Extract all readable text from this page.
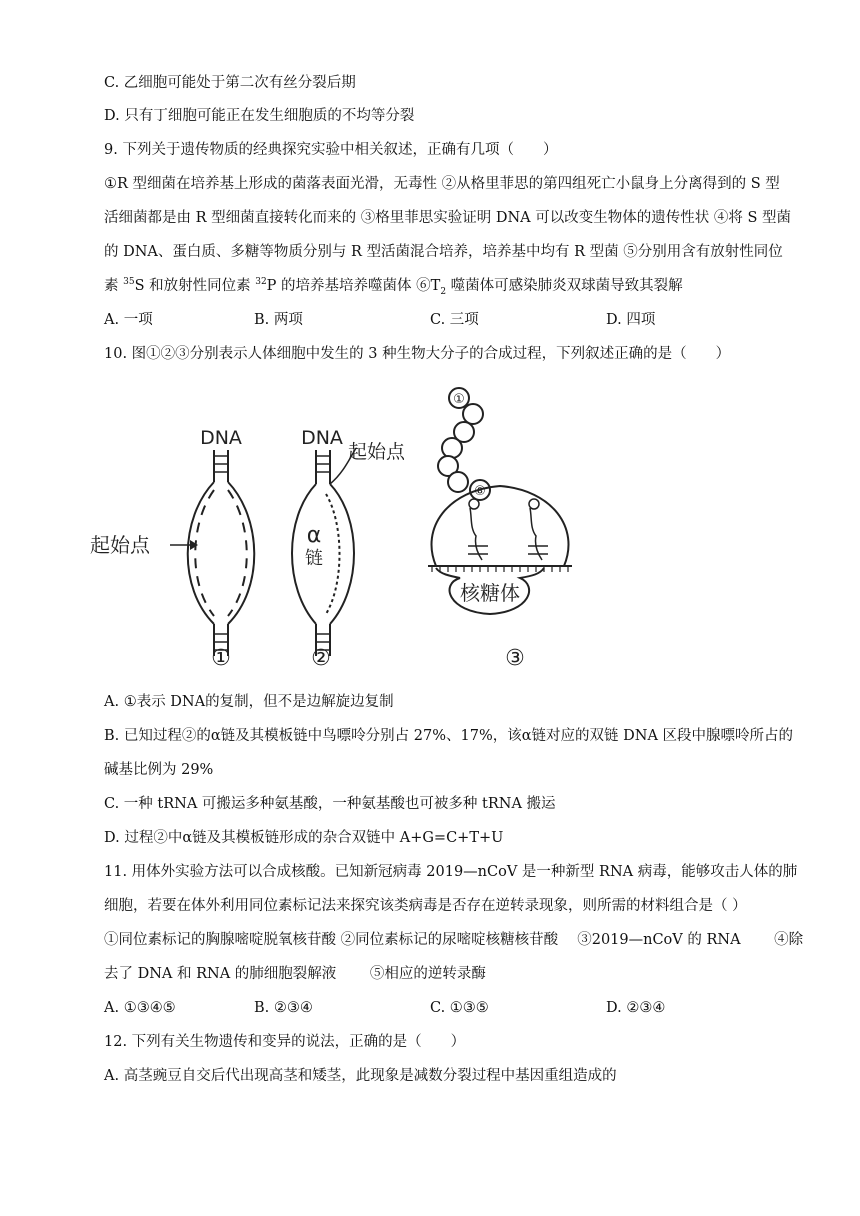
C. 乙细胞可能处于第二次有丝分裂后期
D. 只有丁细胞可能正在发生细胞质的不均等分裂
9. 下列关于遗传物质的经典探究实验中相关叙述，正确有几项（　　）
①R 型细菌在培养基上形成的菌落表面光滑，无毒性 ②从格里菲思的第四组死亡小鼠身上分离得到的 S 型
活细菌都是由 R 型细菌直接转化而来的 ③格里菲思实验证明 DNA 可以改变生物体的遗传性状 ④将 S 型菌
的 DNA、蛋白质、多糖等物质分别与 R 型活菌混合培养，培养基中均有 R 型菌 ⑤分别用含有放射性同位
素 $^{35}$S 和放射性同位素 $^{32}$P 的培养基培养噬菌体 $⑥T_2$ 噬菌体可感染肺炎双球菌导致其裂解
A. 一项	B. 两项	C. 三项	D. 四项
10. 图①②③分别表示人体细胞中发生的 3 种生物大分子的合成过程，下列叙述正确的是（　　）
DNA
起始点
DNA
起始点
α
链
①
⑧
核糖体
①	②	③
A. ①表示 DNA的复制，但不是边解旋边复制
B. 已知过程②的α链及其模板链中鸟嘌呤分别占 27%、17%，该α链对应的双链 DNA 区段中腺嘌呤所占的
碱基比例为 29%
C. 一种 tRNA 可搬运多种氨基酸，一种氨基酸也可被多种 tRNA 搬运
D. 过程②中α链及其模板链形成的杂合双链中 A+G=C+T+U
11. 用体外实验方法可以合成核酸。已知新冠病毒 2019—nCoV 是一种新型 RNA 病毒，能够攻击人体的肺
细胞，若要在体外利用同位素标记法来探究该类病毒是否存在逆转录现象，则所需的材料组合是（ ）
①同位素标记的胸腺嘧啶脱氧核苷酸 ②同位素标记的尿嘧啶核糖核苷酸 　③2019—nCoV 的 RNA 　　④除
去了 DNA 和 RNA 的肺细胞裂解液 　　⑤相应的逆转录酶
A. ①③④⑤	B. ②③④	C. ①③⑤	D. ②③④
12. 下列有关生物遗传和变异的说法，正确的是（　　）
A. 高茎豌豆自交后代出现高茎和矮茎，此现象是减数分裂过程中基因重组造成的
